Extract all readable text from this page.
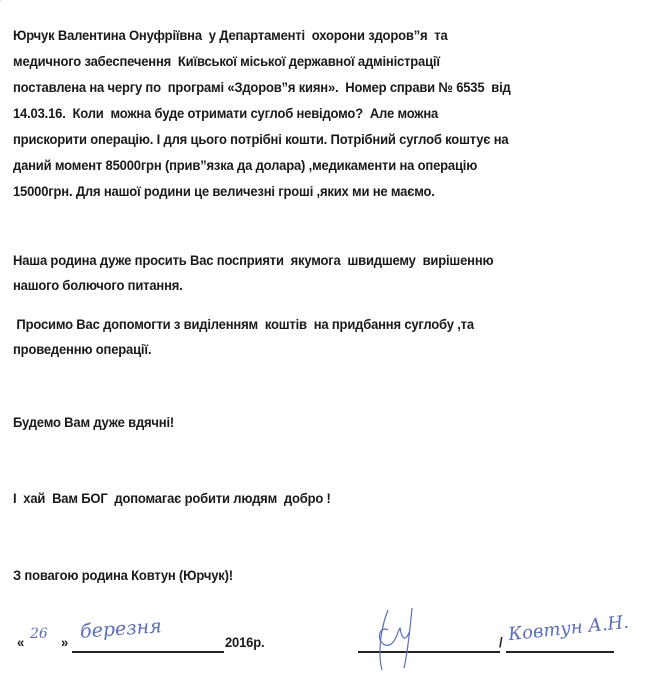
Юрчук Валентина Онуфріївна  у Департаменті  охорони здоров”я  та
медичного забеспечення  Київської міської державної адміністрації
поставлена на чергу по  програмі «Здоров”я киян».  Номер справи № 6535  від
14.03.16.  Коли  можна буде отримати суглоб невідомо?  Але можна
прискорити операцію. І для цього потрібні кошти. Потрібний суглоб коштує на
даний момент 85000грн (прив”язка да долара) ,медикаменти на операцію
15000грн. Для нашої родини це величезні гроші ,яких ми не маємо.
Наша родина дуже просить Вас посприяти  якумога  швидшему  вирішенню
нашого болючого питання.
Просимо Вас допомогти з виділенням  коштів  на придбання суглобу ,та
проведенню операції.
Будемо Вам дуже вдячні!
І  хай  Вам БОГ  допомагає робити людям  добро !
З повагою родина Ковтун (Юрчук)!
« 26 » березня	2016р.	/ Ковтун А.Н.
